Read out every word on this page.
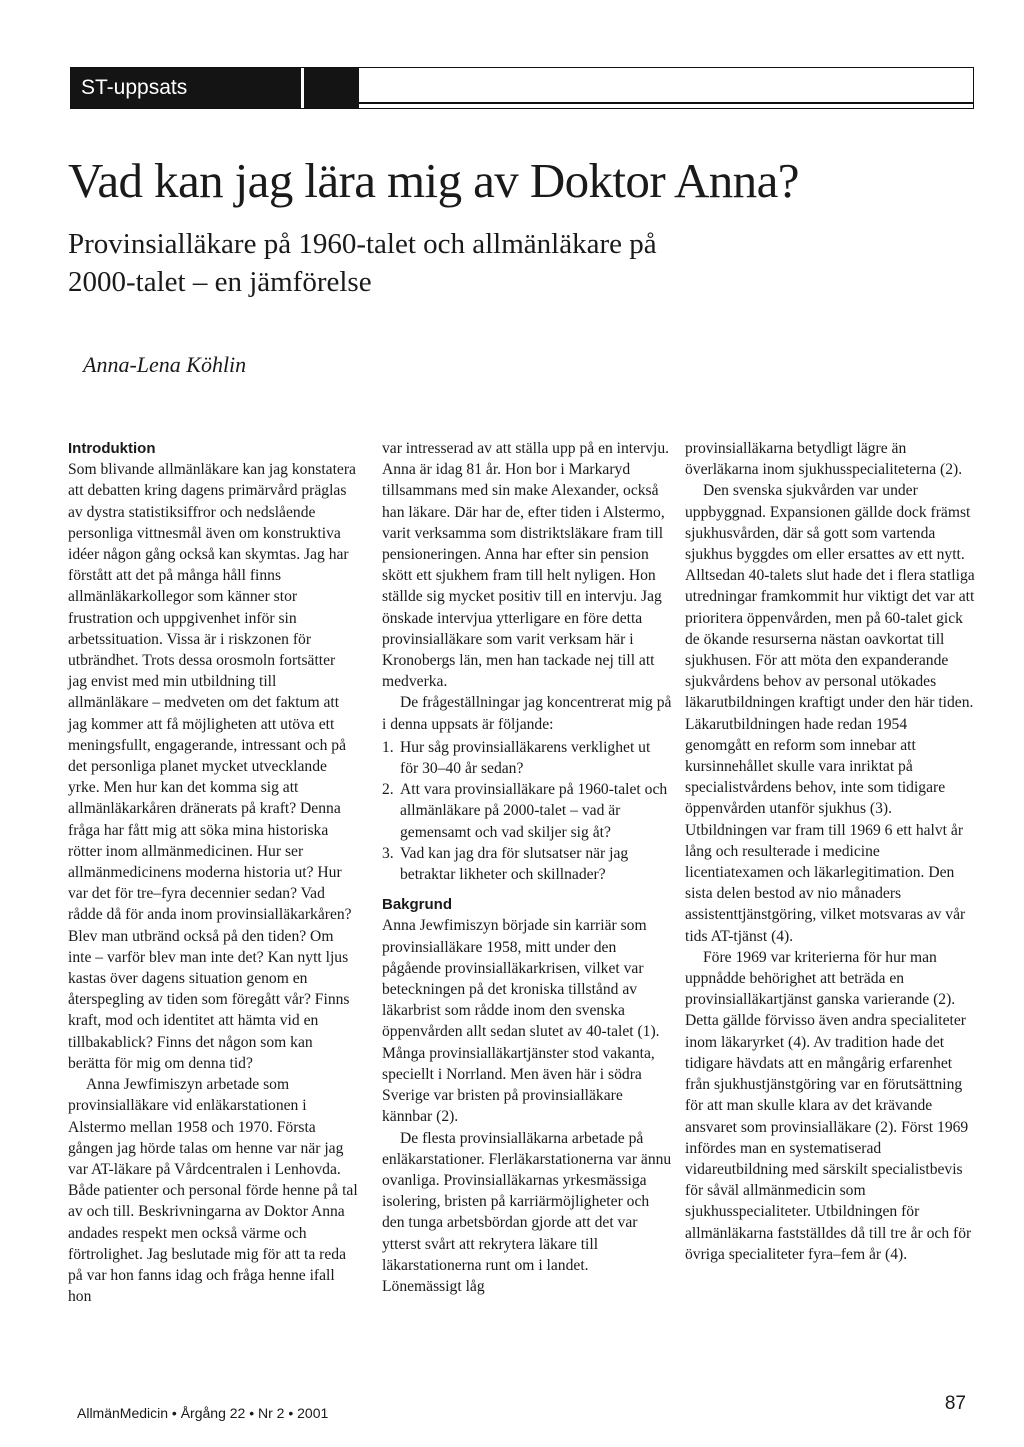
ST-uppsats
Vad kan jag lära mig av Doktor Anna?
Provinsialläkare på 1960-talet och allmänläkare på 2000-talet – en jämförelse
Anna-Lena Köhlin
Introduktion

Som blivande allmänläkare kan jag konstatera att debatten kring dagens primärvård präglas av dystra statistiksiffror och nedslående personliga vittnesmål även om konstruktiva idéer någon gång också kan skymtas. Jag har förstått att det på många håll finns allmänläkarkollegor som känner stor frustration och uppgivenhet inför sin arbetssituation. Vissa är i riskzonen för utbrändhet. Trots dessa orosmoln fortsätter jag envist med min utbildning till allmänläkare – medveten om det faktum att jag kommer att få möjligheten att utöva ett meningsfullt, engagerande, intressant och på det personliga planet mycket utvecklande yrke. Men hur kan det komma sig att allmänläkarkåren dränerats på kraft? Denna fråga har fått mig att söka mina historiska rötter inom allmänmedicinen. Hur ser allmänmedicinens moderna historia ut? Hur var det för tre–fyra decennier sedan? Vad rådde då för anda inom provinsialläkarkåren? Blev man utbränd också på den tiden? Om inte – varför blev man inte det? Kan nytt ljus kastas över dagens situation genom en återspegling av tiden som föregått vår? Finns kraft, mod och identitet att hämta vid en tillbakablick? Finns det någon som kan berätta för mig om denna tid?

Anna Jewfimiszyn arbetade som provinsialläkare vid enläkarstationen i Alstermo mellan 1958 och 1970. Första gången jag hörde talas om henne var när jag var AT-läkare på Vårdcentralen i Lenhovda. Både patienter och personal förde henne på tal av och till. Beskrivningarna av Doktor Anna andades respekt men också värme och förtrolighet. Jag beslutade mig för att ta reda på var hon fanns idag och fråga henne ifall hon

var intresserad av att ställa upp på en intervju. Anna är idag 81 år. Hon bor i Markaryd tillsammans med sin make Alexander, också han läkare. Där har de, efter tiden i Alstermo, varit verksamma som distriktsläkare fram till pensioneringen. Anna har efter sin pension skött ett sjukhem fram till helt nyligen. Hon ställde sig mycket positiv till en intervju. Jag önskade intervjua ytterligare en före detta provinsialläkare som varit verksam här i Kronobergs län, men han tackade nej till att medverka.

De frågeställningar jag koncentrerat mig på i denna uppsats är följande:

1. Hur såg provinsialläkarens verklighet ut för 30–40 år sedan?
2. Att vara provinsialläkare på 1960-talet och allmänläkare på 2000-talet – vad är gemensamt och vad skiljer sig åt?
3. Vad kan jag dra för slutsatser när jag betraktar likheter och skillnader?
Bakgrund

Anna Jewfimiszyn började sin karriär som provinsialläkare 1958, mitt under den pågående provinsialläkarkrisen, vilket var beteckningen på det kroniska tillstånd av läkarbrist som rådde inom den svenska öppenvården allt sedan slutet av 40-talet (1). Många provinsialläkartjänster stod vakanta, speciellt i Norrland. Men även här i södra Sverige var bristen på provinsialläkare kännbar (2).

De flesta provinsialläkarna arbetade på enläkarstationer. Flerläkarstationerna var ännu ovanliga. Provinsialläkarnas yrkesmässiga isolering, bristen på karriärmöjligheter och den tunga arbetsbördan gjorde att det var ytterst svårt att rekrytera läkare till läkarstationerna runt om i landet. Lönemässigt låg

provinsialläkarna betydligt lägre än överläkarna inom sjukhusspecialiteterna (2).

Den svenska sjukvården var under uppbyggnad. Expansionen gällde dock främst sjukhusvården, där så gott som vartenda sjukhus byggdes om eller ersattes av ett nytt. Alltsedan 40-talets slut hade det i flera statliga utredningar framkommit hur viktigt det var att prioritera öppenvården, men på 60-talet gick de ökande resurserna nästan oavkortat till sjukhusen. För att möta den expanderande sjukvårdens behov av personal utökades läkarutbildningen kraftigt under den här tiden. Läkarutbildningen hade redan 1954 genomgått en reform som innebar att kursinnehållet skulle vara inriktat på specialistvårdens behov, inte som tidigare öppenvården utanför sjukhus (3). Utbildningen var fram till 1969 6 ett halvt år lång och resulterade i medicine licentiatexamen och läkarlegitimation. Den sista delen bestod av nio månaders assistenttjänstgöring, vilket motsvaras av vår tids AT-tjänst (4).

Före 1969 var kriterierna för hur man uppnådde behörighet att beträda en provinsialläkartjänst ganska varierande (2). Detta gällde förvisso även andra specialiteter inom läkaryrket (4). Av tradition hade det tidigare hävdats att en mångårig erfarenhet från sjukhustjänstgöring var en förutsättning för att man skulle klara av det krävande ansvaret som provinsialläkare (2). Först 1969 infördes man en systematiserad vidareutbildning med särskilt specialistbevis för såväl allmänmedicin som sjukhusspecialiteter. Utbildningen för allmänläkarna fastställdes då till tre år och för övriga specialiteter fyra–fem år (4).

AllmänMedicin • Årgång 22 • Nr 2 • 2001	87
